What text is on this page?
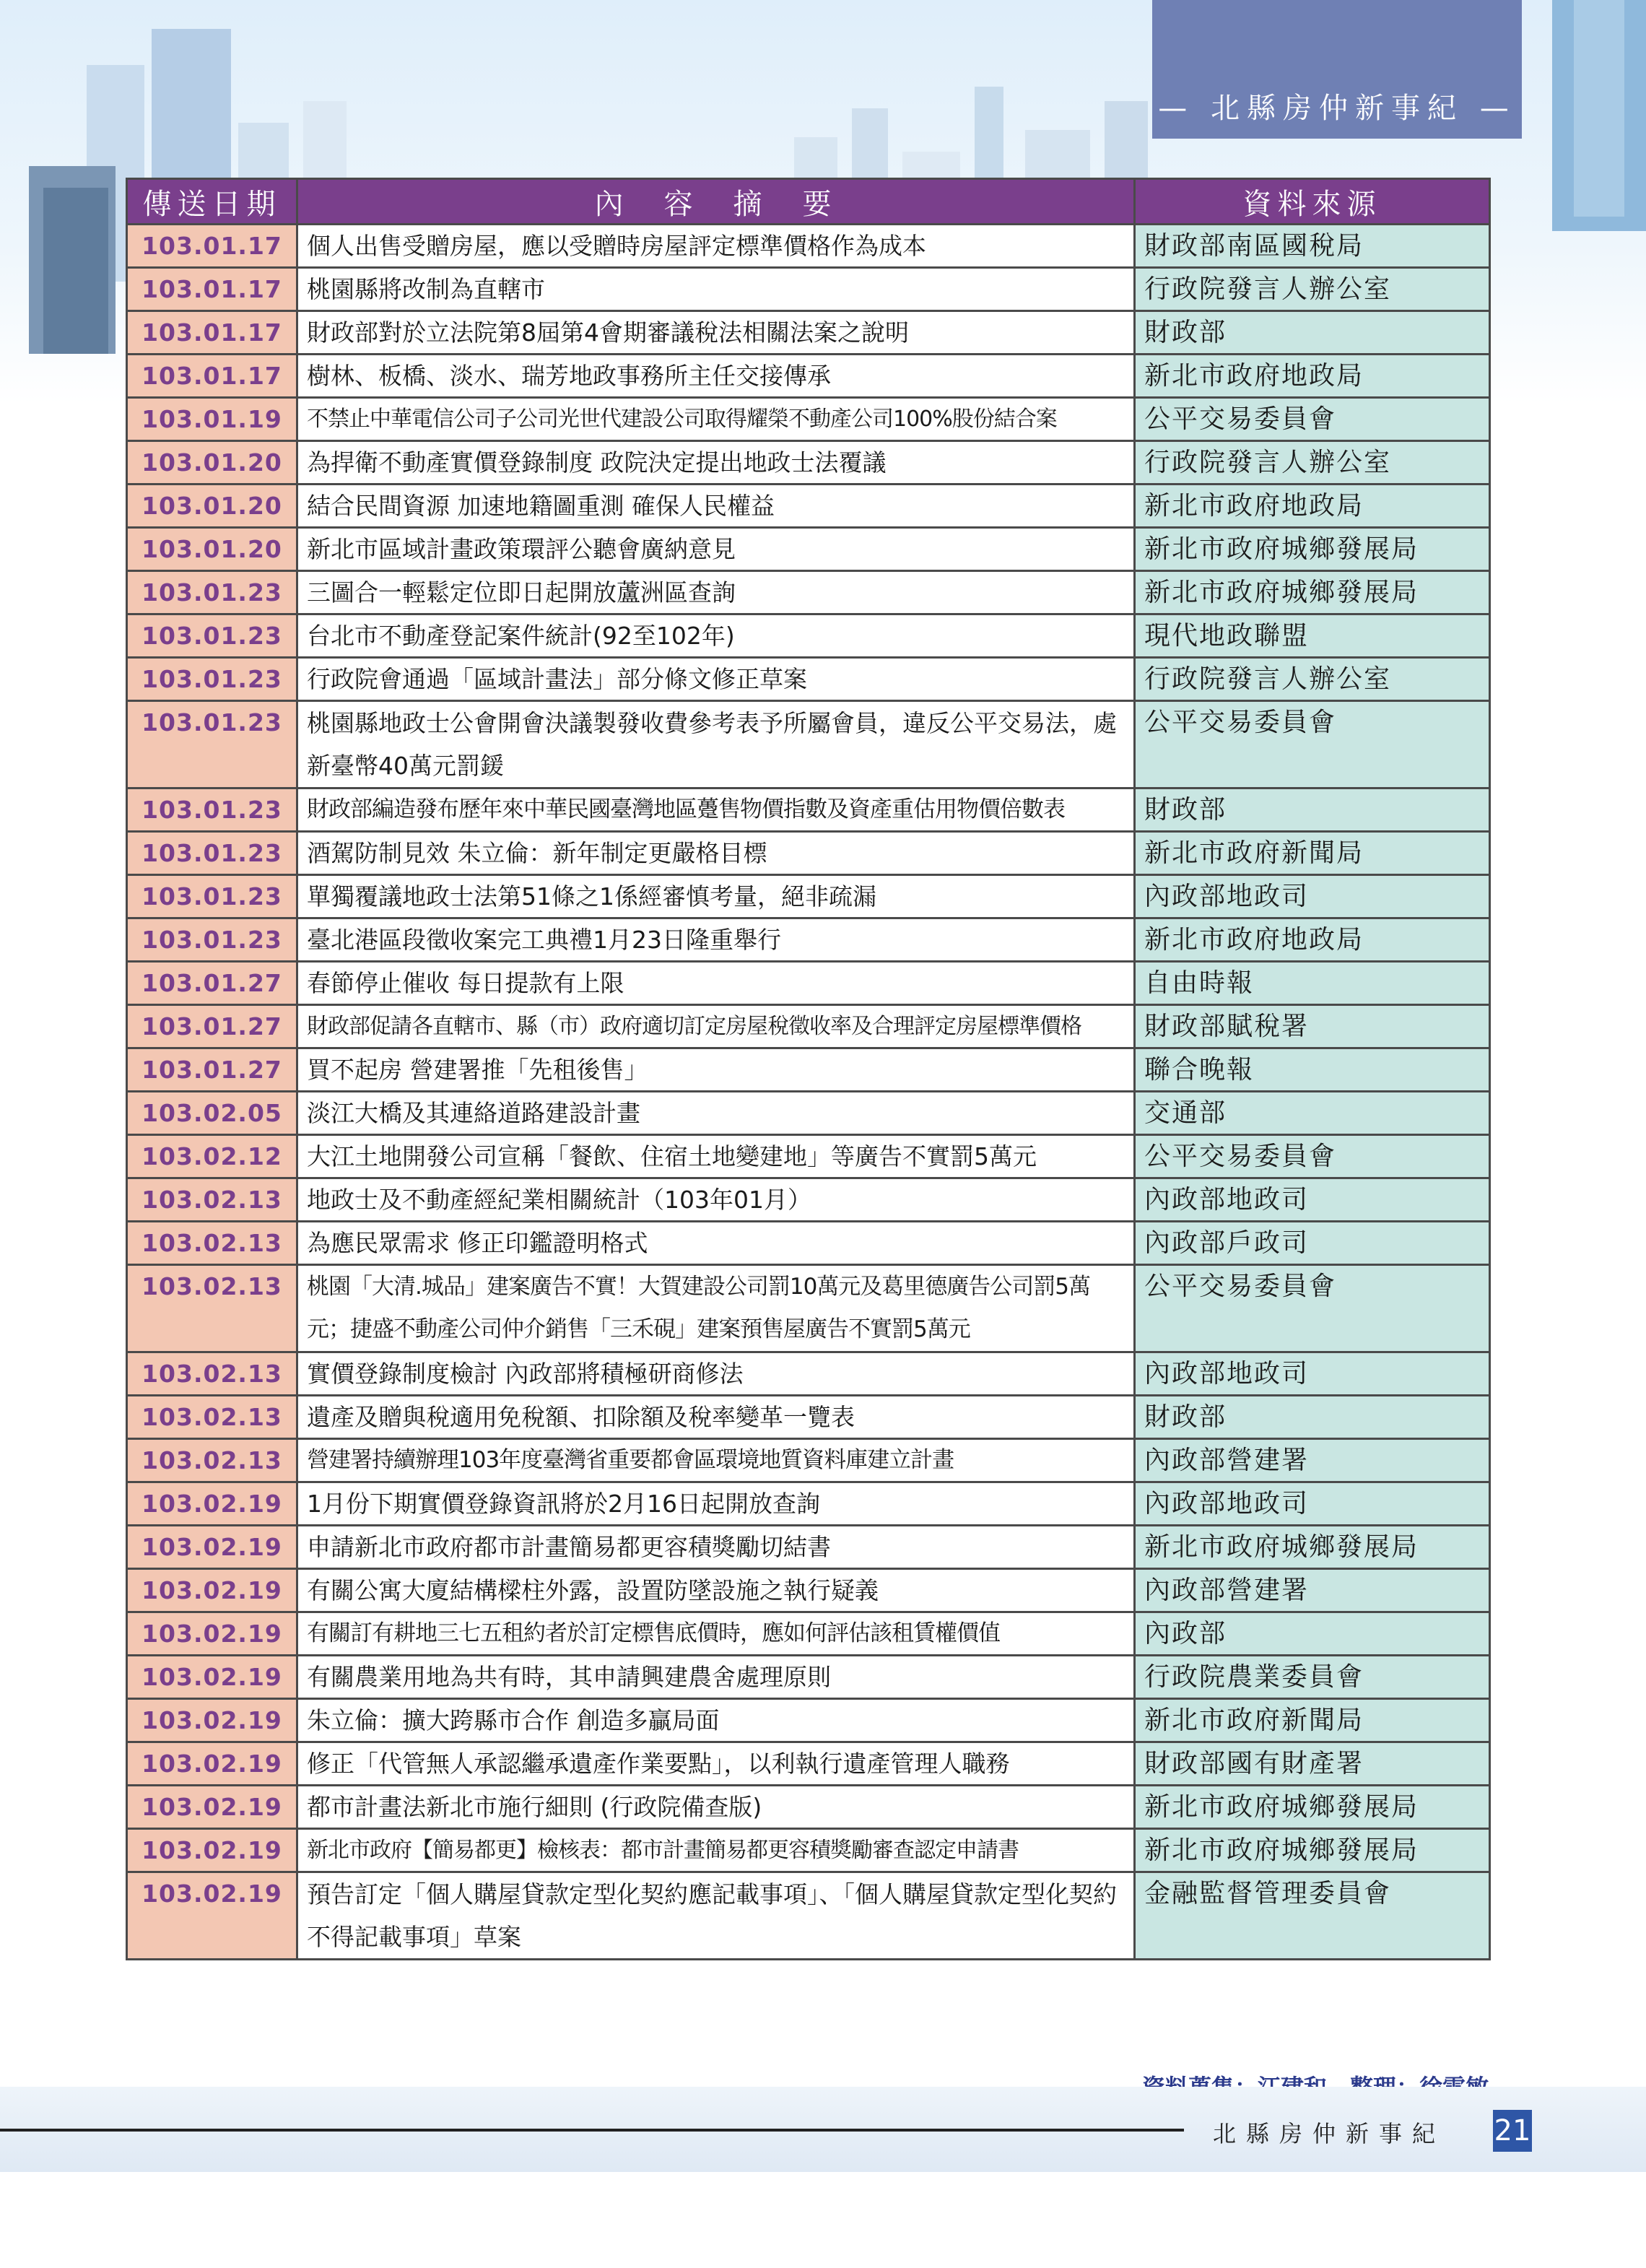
— 北縣房仲新事紀 —
傳送日期	內　容　摘　要	資料來源
103.01.17	個人出售受贈房屋，應以受贈時房屋評定標準價格作為成本	財政部南區國稅局
103.01.17	桃園縣將改制為直轄市	行政院發言人辦公室
103.01.17	財政部對於立法院第8屆第4會期審議稅法相關法案之說明	財政部
103.01.17	樹林、板橋、淡水、瑞芳地政事務所主任交接傳承	新北市政府地政局
103.01.19	不禁止中華電信公司子公司光世代建設公司取得耀榮不動產公司100%股份結合案	公平交易委員會
103.01.20	為捍衛不動產實價登錄制度 政院決定提出地政士法覆議	行政院發言人辦公室
103.01.20	結合民間資源 加速地籍圖重測 確保人民權益	新北市政府地政局
103.01.20	新北市區域計畫政策環評公聽會廣納意見	新北市政府城鄉發展局
103.01.23	三圖合一輕鬆定位即日起開放蘆洲區查詢	新北市政府城鄉發展局
103.01.23	台北市不動產登記案件統計(92至102年)	現代地政聯盟
103.01.23	行政院會通過「區域計畫法」部分條文修正草案	行政院發言人辦公室
103.01.23	桃園縣地政士公會開會決議製發收費參考表予所屬會員，違反公平交易法，處新臺幣40萬元罰鍰	公平交易委員會
103.01.23	財政部編造發布歷年來中華民國臺灣地區躉售物價指數及資產重估用物價倍數表	財政部
103.01.23	酒駕防制見效 朱立倫：新年制定更嚴格目標	新北市政府新聞局
103.01.23	單獨覆議地政士法第51條之1係經審慎考量，絕非疏漏	內政部地政司
103.01.23	臺北港區段徵收案完工典禮1月23日隆重舉行	新北市政府地政局
103.01.27	春節停止催收 每日提款有上限	自由時報
103.01.27	財政部促請各直轄市、縣（市）政府適切訂定房屋稅徵收率及合理評定房屋標準價格	財政部賦稅署
103.01.27	買不起房 營建署推「先租後售」	聯合晚報
103.02.05	淡江大橋及其連絡道路建設計畫	交通部
103.02.12	大江土地開發公司宣稱「餐飲、住宿土地變建地」等廣告不實罰5萬元	公平交易委員會
103.02.13	地政士及不動產經紀業相關統計（103年01月）	內政部地政司
103.02.13	為應民眾需求 修正印鑑證明格式	內政部戶政司
103.02.13	桃園「大清.城品」建案廣告不實！大賀建設公司罰10萬元及葛里德廣告公司罰5萬元；捷盛不動產公司仲介銷售「三禾硯」建案預售屋廣告不實罰5萬元	公平交易委員會
103.02.13	實價登錄制度檢討 內政部將積極研商修法	內政部地政司
103.02.13	遺產及贈與稅適用免稅額、扣除額及稅率變革一覽表	財政部
103.02.13	營建署持續辦理103年度臺灣省重要都會區環境地質資料庫建立計畫	內政部營建署
103.02.19	1月份下期實價登錄資訊將於2月16日起開放查詢	內政部地政司
103.02.19	申請新北市政府都市計畫簡易都更容積獎勵切結書	新北市政府城鄉發展局
103.02.19	有關公寓大廈結構樑柱外露，設置防墜設施之執行疑義	內政部營建署
103.02.19	有關訂有耕地三七五租約者於訂定標售底價時，應如何評估該租賃權價值	內政部
103.02.19	有關農業用地為共有時，其申請興建農舍處理原則	行政院農業委員會
103.02.19	朱立倫：擴大跨縣市合作 創造多贏局面	新北市政府新聞局
103.02.19	修正「代管無人承認繼承遺產作業要點」，以利執行遺產管理人職務	財政部國有財產署
103.02.19	都市計畫法新北市施行細則 (行政院備查版)	新北市政府城鄉發展局
103.02.19	新北市政府【簡易都更】檢核表：都市計畫簡易都更容積獎勵審查認定申請書	新北市政府城鄉發展局
103.02.19	預告訂定「個人購屋貸款定型化契約應記載事項」、「個人購屋貸款定型化契約不得記載事項」草案	金融監督管理委員會
北縣房仲新事紀 21
